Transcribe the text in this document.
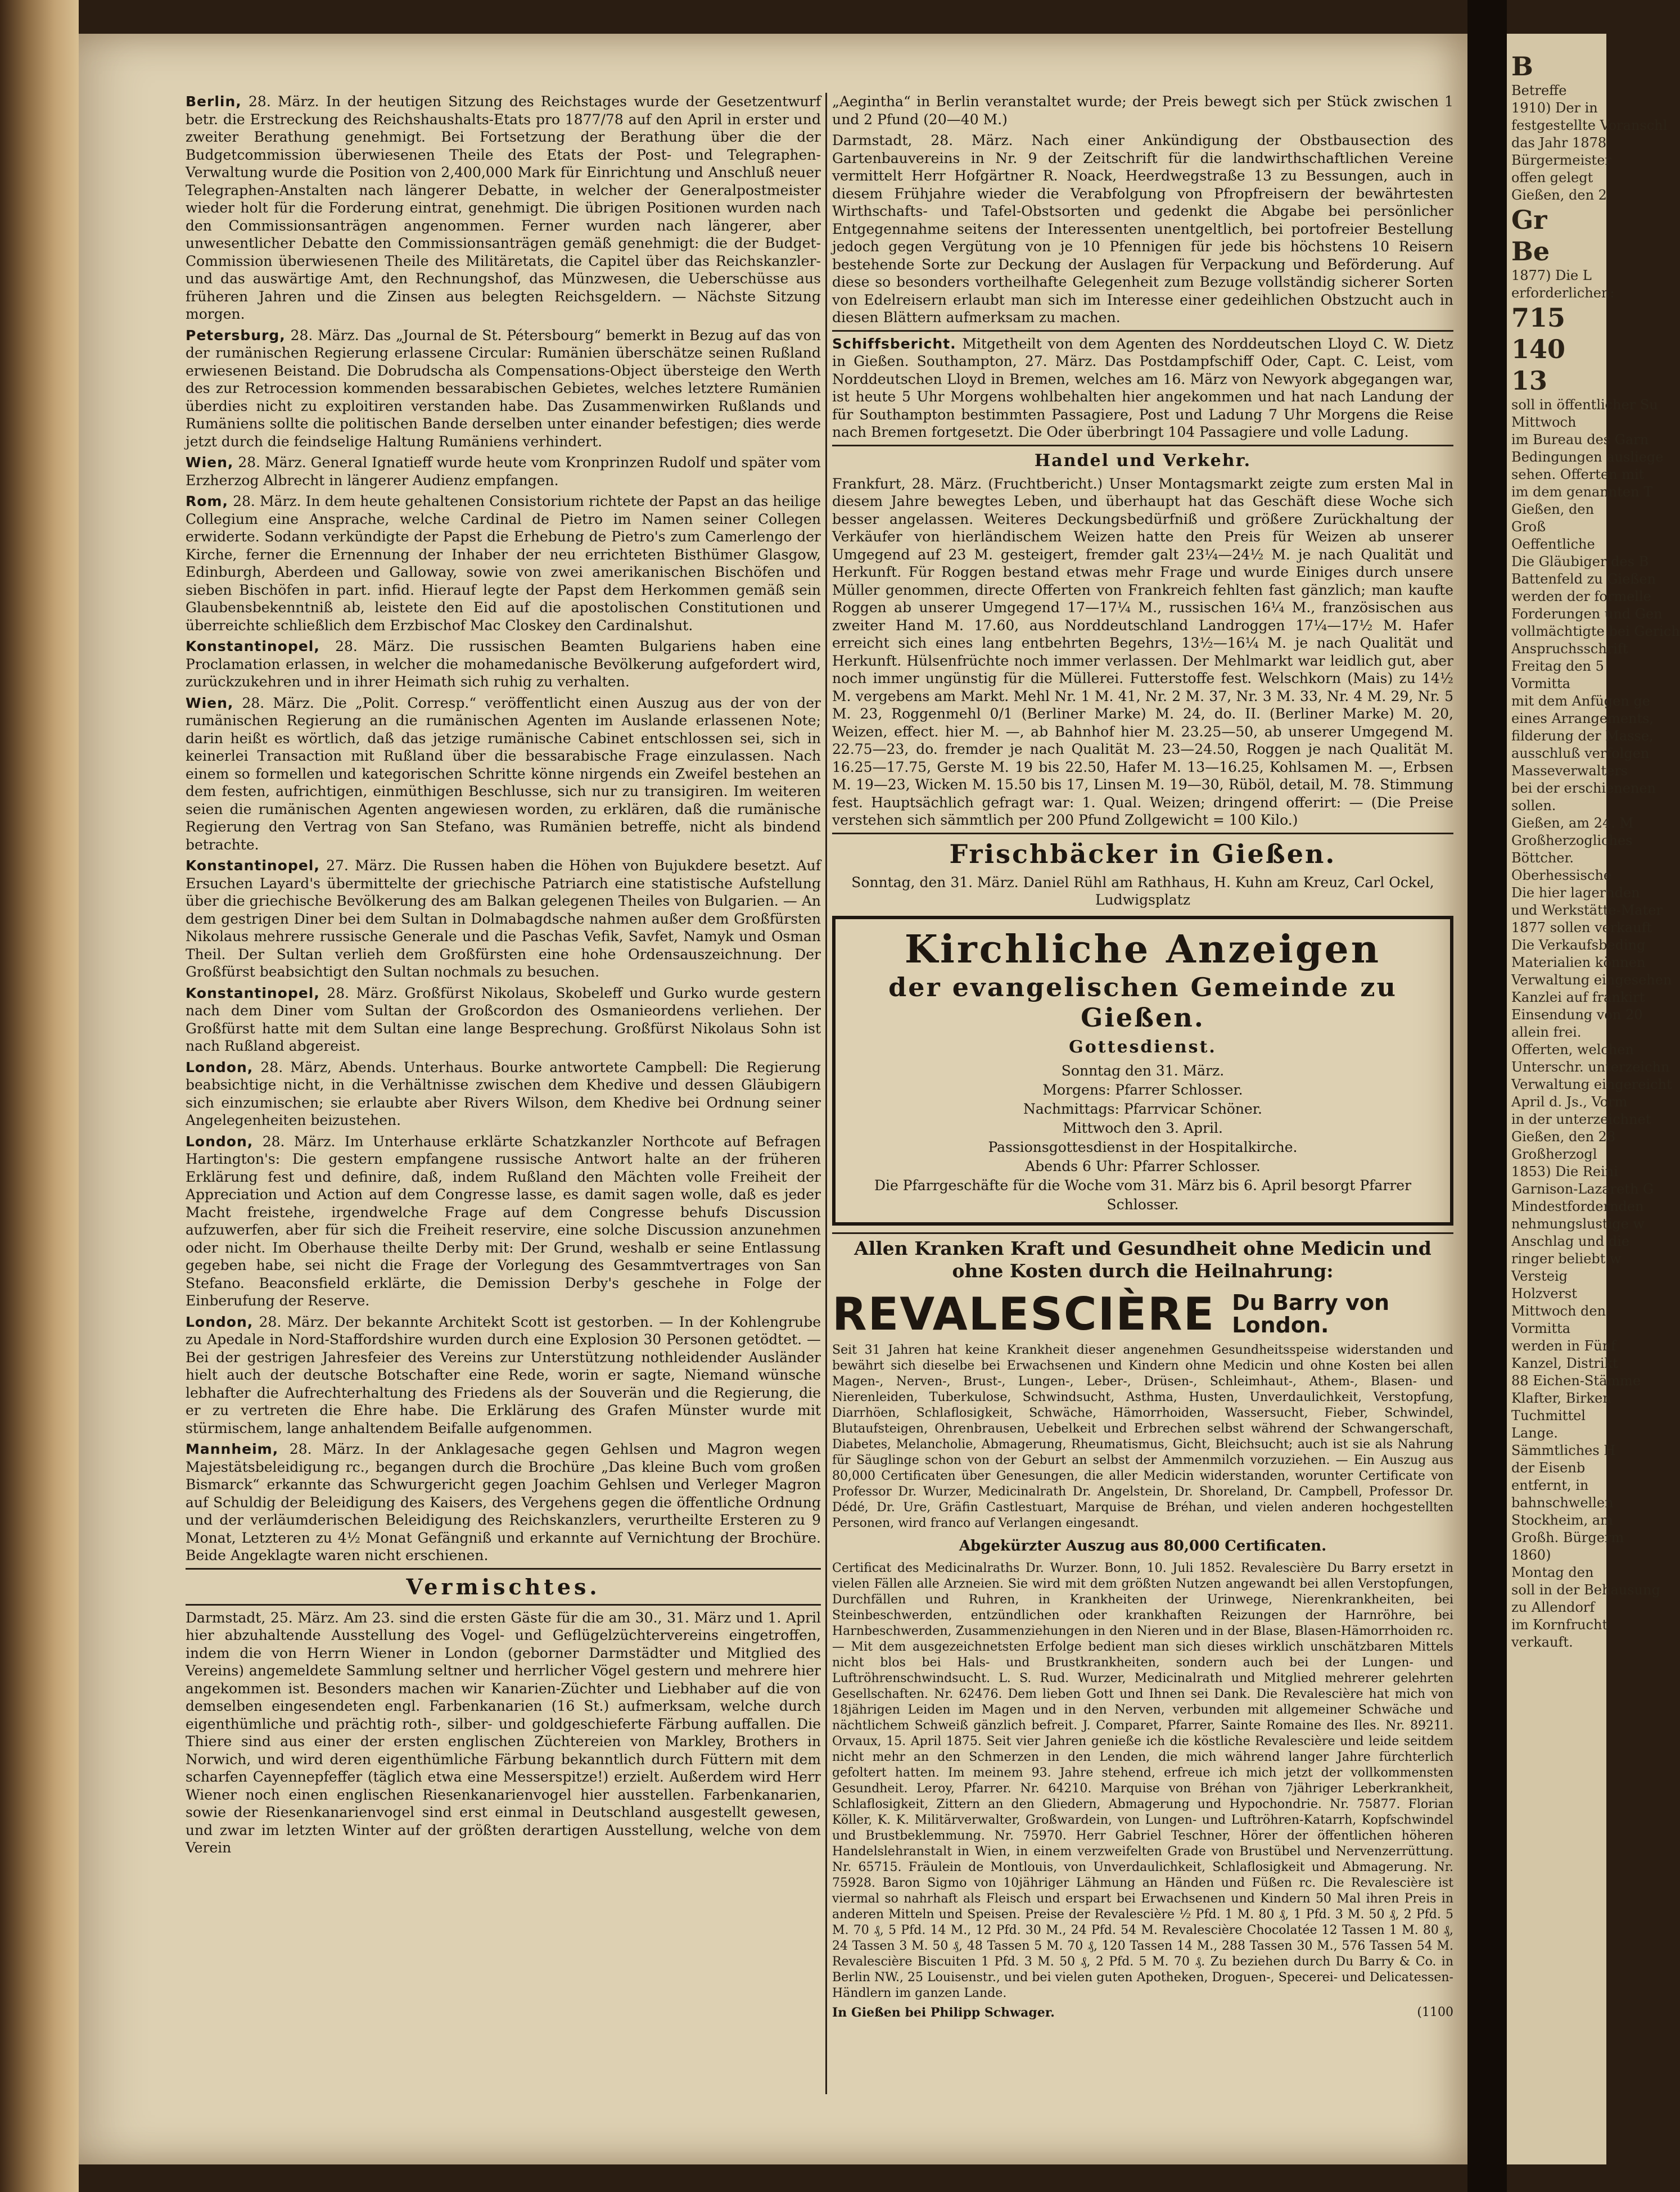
B
Betreffe
1910) Der in
festgestellte Voranschl
das Jahr 1878
Bürgermeister
offen gelegt
Gießen, den 2
Gr
Be
1877) Die L
erforderlichen:
715
140
13
soll in öffentlicher Su
Mittwoch
im Bureau des Garn
Bedingungen ausliege
sehen. Offerten mit
im dem genannten T
Gießen, den
Groß
Oeffentliche
Die Gläubiger des B
Battenfeld zu Gießen
werden der formelle
Forderungen und Gen
vollmächtigte bei Gerich
Anspruchsschrift
Freitag den 5
Vormitta
mit dem Anfügen ge
eines Arrangements,
filderung der Masse,
ausschluß verfolgen
Masseverwalters
bei der erschienenen
sollen.
Gießen, am 24. M
Großherzogliches
Böttcher.
Oberhessische
Die hier lagernden
und Werkstätte-Mater
1877 sollen verkauft
Die Verkaufsbeding
Materialien können
Verwaltung eingesehen
Kanzlei auf frankirt
Einsendung von 20
allein frei.
Offerten, welchen
Unterschr. unterzeichn
Verwaltung eingereicht
April d. Js., Vorm
in der unterzeichnet
Gießen, den 28
Großherzogl
1853) Die Reini
Garnison-Lazareth G
Mindestfordernden
nehmungslustige w
Anschlag und die
ringer beliebt w
Versteig
Holzverst
Mittwoch den
Vormitta
werden in Fünf
Kanzel, Distrikt
88 Eichen-Stämme
Klafter, Birken
Tuchmittel
Lange.
Sämmtliches H
der Eisenb
entfernt, in
bahnschwellen
Stockheim, am
Großh. Bürgerm
1860)
Montag den
soll in der Behausung
zu Allendorf
im Kornfrucht
verkauft.

Berlin, 28. März. In der heutigen Sitzung des Reichstages wurde der Gesetzentwurf betr. die Erstreckung des Reichshaushalts-Etats pro 1877/78 auf den April in erster und zweiter Berathung genehmigt. Bei Fortsetzung der Berathung über die der Budgetcommission überwiesenen Theile des Etats der Post- und Telegraphen-Verwaltung wurde die Position von 2,400,000 Mark für Einrichtung und Anschluß neuer Telegraphen-Anstalten nach längerer Debatte, in welcher der Generalpostmeister wieder holt für die Forderung eintrat, genehmigt. Die übrigen Positionen wurden nach den Commissionsanträgen angenommen. Ferner wurden nach längerer, aber unwesentlicher Debatte den Commissionsanträgen gemäß genehmigt: die der Budget-Commission überwiesenen Theile des Militäretats, die Capitel über das Reichskanzler- und das auswärtige Amt, den Rechnungshof, das Münzwesen, die Ueberschüsse aus früheren Jahren und die Zinsen aus belegten Reichsgeldern. — Nächste Sitzung morgen.

Petersburg, 28. März. Das „Journal de St. Pétersbourg“ bemerkt in Bezug auf das von der rumänischen Regierung erlassene Circular: Rumänien überschätze seinen Rußland erwiesenen Beistand. Die Dobrudscha als Compensations-Object übersteige den Werth des zur Retrocession kommenden bessarabischen Gebietes, welches letztere Rumänien überdies nicht zu exploitiren verstanden habe. Das Zusammenwirken Rußlands und Rumäniens sollte die politischen Bande derselben unter einander befestigen; dies werde jetzt durch die feindselige Haltung Rumäniens verhindert.

Wien, 28. März. General Ignatieff wurde heute vom Kronprinzen Rudolf und später vom Erzherzog Albrecht in längerer Audienz empfangen.

Rom, 28. März. In dem heute gehaltenen Consistorium richtete der Papst an das heilige Collegium eine Ansprache, welche Cardinal de Pietro im Namen seiner Collegen erwiderte. Sodann verkündigte der Papst die Erhebung de Pietro's zum Camerlengo der Kirche, ferner die Ernennung der Inhaber der neu errichteten Bisthümer Glasgow, Edinburgh, Aberdeen und Galloway, sowie von zwei amerikanischen Bischöfen und sieben Bischöfen in part. infid. Hierauf legte der Papst dem Herkommen gemäß sein Glaubensbekenntniß ab, leistete den Eid auf die apostolischen Constitutionen und überreichte schließlich dem Erzbischof Mac Closkey den Cardinalshut.

Konstantinopel, 28. März. Die russischen Beamten Bulgariens haben eine Proclamation erlassen, in welcher die mohamedanische Bevölkerung aufgefordert wird, zurückzukehren und in ihrer Heimath sich ruhig zu verhalten.

Wien, 28. März. Die „Polit. Corresp.“ veröffentlicht einen Auszug aus der von der rumänischen Regierung an die rumänischen Agenten im Auslande erlassenen Note; darin heißt es wörtlich, daß das jetzige rumänische Cabinet entschlossen sei, sich in keinerlei Transaction mit Rußland über die bessarabische Frage einzulassen. Nach einem so formellen und kategorischen Schritte könne nirgends ein Zweifel bestehen an dem festen, aufrichtigen, einmüthigen Beschlusse, sich nur zu transigiren. Im weiteren seien die rumänischen Agenten angewiesen worden, zu erklären, daß die rumänische Regierung den Vertrag von San Stefano, was Rumänien betreffe, nicht als bindend betrachte.

Konstantinopel, 27. März. Die Russen haben die Höhen von Bujukdere besetzt. Auf Ersuchen Layard's übermittelte der griechische Patriarch eine statistische Aufstellung über die griechische Bevölkerung des am Balkan gelegenen Theiles von Bulgarien. — An dem gestrigen Diner bei dem Sultan in Dolmabagdsche nahmen außer dem Großfürsten Nikolaus mehrere russische Generale und die Paschas Vefik, Savfet, Namyk und Osman Theil. Der Sultan verlieh dem Großfürsten eine hohe Ordensauszeichnung. Der Großfürst beabsichtigt den Sultan nochmals zu besuchen.

Konstantinopel, 28. März. Großfürst Nikolaus, Skobeleff und Gurko wurde gestern nach dem Diner vom Sultan der Großcordon des Osmanieordens verliehen. Der Großfürst hatte mit dem Sultan eine lange Besprechung. Großfürst Nikolaus Sohn ist nach Rußland abgereist.

London, 28. März, Abends. Unterhaus. Bourke antwortete Campbell: Die Regierung beabsichtige nicht, in die Verhältnisse zwischen dem Khedive und dessen Gläubigern sich einzumischen; sie erlaubte aber Rivers Wilson, dem Khedive bei Ordnung seiner Angelegenheiten beizustehen.

London, 28. März. Im Unterhause erklärte Schatzkanzler Northcote auf Befragen Hartington's: Die gestern empfangene russische Antwort halte an der früheren Erklärung fest und definire, daß, indem Rußland den Mächten volle Freiheit der Appreciation und Action auf dem Congresse lasse, es damit sagen wolle, daß es jeder Macht freistehe, irgendwelche Frage auf dem Congresse behufs Discussion aufzuwerfen, aber für sich die Freiheit reservire, eine solche Discussion anzunehmen oder nicht. Im Oberhause theilte Derby mit: Der Grund, weshalb er seine Entlassung gegeben habe, sei nicht die Frage der Vorlegung des Gesammtvertrages von San Stefano. Beaconsfield erklärte, die Demission Derby's geschehe in Folge der Einberufung der Reserve.

London, 28. März. Der bekannte Architekt Scott ist gestorben. — In der Kohlengrube zu Apedale in Nord-Staffordshire wurden durch eine Explosion 30 Personen getödtet. — Bei der gestrigen Jahresfeier des Vereins zur Unterstützung nothleidender Ausländer hielt auch der deutsche Botschafter eine Rede, worin er sagte, Niemand wünsche lebhafter die Aufrechterhaltung des Friedens als der Souverän und die Regierung, die er zu vertreten die Ehre habe. Die Erklärung des Grafen Münster wurde mit stürmischem, lange anhaltendem Beifalle aufgenommen.

Mannheim, 28. März. In der Anklagesache gegen Gehlsen und Magron wegen Majestätsbeleidigung rc., begangen durch die Brochüre „Das kleine Buch vom großen Bismarck“ erkannte das Schwurgericht gegen Joachim Gehlsen und Verleger Magron auf Schuldig der Beleidigung des Kaisers, des Vergehens gegen die öffentliche Ordnung und der verläumderischen Beleidigung des Reichskanzlers, verurtheilte Ersteren zu 9 Monat, Letzteren zu 4½ Monat Gefängniß und erkannte auf Vernichtung der Brochüre. Beide Angeklagte waren nicht erschienen.

Vermischtes.

Darmstadt, 25. März. Am 23. sind die ersten Gäste für die am 30., 31. März und 1. April hier abzuhaltende Ausstellung des Vogel- und Geflügelzüchtervereins eingetroffen, indem die von Herrn Wiener in London (geborner Darmstädter und Mitglied des Vereins) angemeldete Sammlung seltner und herrlicher Vögel gestern und mehrere hier angekommen ist. Besonders machen wir Kanarien-Züchter und Liebhaber auf die von demselben eingesendeten engl. Farbenkanarien (16 St.) aufmerksam, welche durch eigenthümliche und prächtig roth-, silber- und goldgeschieferte Färbung auffallen. Die Thiere sind aus einer der ersten englischen Züchtereien von Markley, Brothers in Norwich, und wird deren eigenthümliche Färbung bekanntlich durch Füttern mit dem scharfen Cayennepfeffer (täglich etwa eine Messerspitze!) erzielt. Außerdem wird Herr Wiener noch einen englischen Riesenkanarienvogel hier ausstellen. Farbenkanarien, sowie der Riesenkanarienvogel sind erst einmal in Deutschland ausgestellt gewesen, und zwar im letzten Winter auf der größten derartigen Ausstellung, welche von dem Verein

„Aegintha“ in Berlin veranstaltet wurde; der Preis bewegt sich per Stück zwischen 1 und 2 Pfund (20—40 M.)

Darmstadt, 28. März. Nach einer Ankündigung der Obstbausection des Gartenbauvereins in Nr. 9 der Zeitschrift für die landwirthschaftlichen Vereine vermittelt Herr Hofgärtner R. Noack, Heerdwegstraße 13 zu Bessungen, auch in diesem Frühjahre wieder die Verabfolgung von Pfropfreisern der bewährtesten Wirthschafts- und Tafel-Obstsorten und gedenkt die Abgabe bei persönlicher Entgegennahme seitens der Interessenten unentgeltlich, bei portofreier Bestellung jedoch gegen Vergütung von je 10 Pfennigen für jede bis höchstens 10 Reisern bestehende Sorte zur Deckung der Auslagen für Verpackung und Beförderung. Auf diese so besonders vortheilhafte Gelegenheit zum Bezuge vollständig sicherer Sorten von Edelreisern erlaubt man sich im Interesse einer gedeihlichen Obstzucht auch in diesen Blättern aufmerksam zu machen.

Schiffsbericht. Mitgetheilt von dem Agenten des Norddeutschen Lloyd C. W. Dietz in Gießen. Southampton, 27. März. Das Postdampfschiff Oder, Capt. C. Leist, vom Norddeutschen Lloyd in Bremen, welches am 16. März von Newyork abgegangen war, ist heute 5 Uhr Morgens wohlbehalten hier angekommen und hat nach Landung der für Southampton bestimmten Passagiere, Post und Ladung 7 Uhr Morgens die Reise nach Bremen fortgesetzt. Die Oder überbringt 104 Passagiere und volle Ladung.

Handel und Verkehr.

Frankfurt, 28. März. (Fruchtbericht.) Unser Montagsmarkt zeigte zum ersten Mal in diesem Jahre bewegtes Leben, und überhaupt hat das Geschäft diese Woche sich besser angelassen. Weiteres Deckungsbedürfniß und größere Zurückhaltung der Verkäufer von hierländischem Weizen hatte den Preis für Weizen ab unserer Umgegend auf 23 M. gesteigert, fremder galt 23¼—24½ M. je nach Qualität und Herkunft. Für Roggen bestand etwas mehr Frage und wurde Einiges durch unsere Müller genommen, directe Offerten von Frankreich fehlten fast gänzlich; man kaufte Roggen ab unserer Umgegend 17—17¼ M., russischen 16¼ M., französischen aus zweiter Hand M. 17.60, aus Norddeutschland Landroggen 17¼—17½ M. Hafer erreicht sich eines lang entbehrten Begehrs, 13½—16¼ M. je nach Qualität und Herkunft. Hülsenfrüchte noch immer verlassen. Der Mehlmarkt war leidlich gut, aber noch immer ungünstig für die Müllerei. Futterstoffe fest. Welschkorn (Mais) zu 14½ M. vergebens am Markt. Mehl Nr. 1 M. 41, Nr. 2 M. 37, Nr. 3 M. 33, Nr. 4 M. 29, Nr. 5 M. 23, Roggenmehl 0/1 (Berliner Marke) M. 24, do. II. (Berliner Marke) M. 20, Weizen, effect. hier M. —, ab Bahnhof hier M. 23.25—50, ab unserer Umgegend M. 22.75—23, do. fremder je nach Qualität M. 23—24.50, Roggen je nach Qualität M. 16.25—17.75, Gerste M. 19 bis 22.50, Hafer M. 13—16.25, Kohlsamen M. —, Erbsen M. 19—23, Wicken M. 15.50 bis 17, Linsen M. 19—30, Rüböl, detail, M. 78. Stimmung fest. Hauptsächlich gefragt war: 1. Qual. Weizen; dringend offerirt: — (Die Preise verstehen sich sämmtlich per 200 Pfund Zollgewicht = 100 Kilo.)

Frischbäcker in Gießen.

Sonntag, den 31. März. Daniel Rühl am Rathhaus, H. Kuhn am Kreuz, Carl Ockel, Ludwigsplatz

Kirchliche Anzeigen
der evangelischen Gemeinde zu Gießen.
Gottesdienst.
Sonntag den 31. März.
Morgens: Pfarrer Schlosser.
Nachmittags: Pfarrvicar Schöner.
Mittwoch den 3. April.
Passionsgottesdienst in der Hospitalkirche.
Abends 6 Uhr: Pfarrer Schlosser.
Die Pfarrgeschäfte für die Woche vom 31. März bis 6. April besorgt Pfarrer Schlosser.
Allen Kranken Kraft und Gesundheit ohne Medicin und ohne Kosten durch die Heilnahrung:
REVALESCIÈRE Du Barry von London.

Seit 31 Jahren hat keine Krankheit dieser angenehmen Gesundheitsspeise widerstanden und bewährt sich dieselbe bei Erwachsenen und Kindern ohne Medicin und ohne Kosten bei allen Magen-, Nerven-, Brust-, Lungen-, Leber-, Drüsen-, Schleimhaut-, Athem-, Blasen- und Nierenleiden, Tuberkulose, Schwindsucht, Asthma, Husten, Unverdaulichkeit, Verstopfung, Diarrhöen, Schlaflosigkeit, Schwäche, Hämorrhoiden, Wassersucht, Fieber, Schwindel, Blutaufsteigen, Ohrenbrausen, Uebelkeit und Erbrechen selbst während der Schwangerschaft, Diabetes, Melancholie, Abmagerung, Rheumatismus, Gicht, Bleichsucht; auch ist sie als Nahrung für Säuglinge schon von der Geburt an selbst der Ammenmilch vorzuziehen. — Ein Auszug aus 80,000 Certificaten über Genesungen, die aller Medicin widerstanden, worunter Certificate von Professor Dr. Wurzer, Medicinalrath Dr. Angelstein, Dr. Shoreland, Dr. Campbell, Professor Dr. Dédé, Dr. Ure, Gräfin Castlestuart, Marquise de Bréhan, und vielen anderen hochgestellten Personen, wird franco auf Verlangen eingesandt.

Abgekürzter Auszug aus 80,000 Certificaten.

Certificat des Medicinalraths Dr. Wurzer. Bonn, 10. Juli 1852. Revalescière Du Barry ersetzt in vielen Fällen alle Arzneien. Sie wird mit dem größten Nutzen angewandt bei allen Verstopfungen, Durchfällen und Ruhren, in Krankheiten der Urinwege, Nierenkrankheiten, bei Steinbeschwerden, entzündlichen oder krankhaften Reizungen der Harnröhre, bei Harnbeschwerden, Zusammenziehungen in den Nieren und in der Blase, Blasen-Hämorrhoiden rc. — Mit dem ausgezeichnetsten Erfolge bedient man sich dieses wirklich unschätzbaren Mittels nicht blos bei Hals- und Brustkrankheiten, sondern auch bei der Lungen- und Luftröhrenschwindsucht. L. S. Rud. Wurzer, Medicinalrath und Mitglied mehrerer gelehrten Gesellschaften. Nr. 62476. Dem lieben Gott und Ihnen sei Dank. Die Revalescière hat mich von 18jährigen Leiden im Magen und in den Nerven, verbunden mit allgemeiner Schwäche und nächtlichem Schweiß gänzlich befreit. J. Comparet, Pfarrer, Sainte Romaine des Iles. Nr. 89211. Orvaux, 15. April 1875. Seit vier Jahren genieße ich die köstliche Revalescière und leide seitdem nicht mehr an den Schmerzen in den Lenden, die mich während langer Jahre fürchterlich gefoltert hatten. Im meinem 93. Jahre stehend, erfreue ich mich jetzt der vollkommensten Gesundheit. Leroy, Pfarrer. Nr. 64210. Marquise von Bréhan von 7jähriger Leberkrankheit, Schlaflosigkeit, Zittern an den Gliedern, Abmagerung und Hypochondrie. Nr. 75877. Florian Köller, K. K. Militärverwalter, Großwardein, von Lungen- und Luftröhren-Katarrh, Kopfschwindel und Brustbeklemmung. Nr. 75970. Herr Gabriel Teschner, Hörer der öffentlichen höheren Handelslehranstalt in Wien, in einem verzweifelten Grade von Brustübel und Nervenzerrüttung. Nr. 65715. Fräulein de Montlouis, von Unverdaulichkeit, Schlaflosigkeit und Abmagerung. Nr. 75928. Baron Sigmo von 10jähriger Lähmung an Händen und Füßen rc. Die Revalescière ist viermal so nahrhaft als Fleisch und erspart bei Erwachsenen und Kindern 50 Mal ihren Preis in anderen Mitteln und Speisen. Preise der Revalescière ½ Pfd. 1 M. 80 ₰, 1 Pfd. 3 M. 50 ₰, 2 Pfd. 5 M. 70 ₰, 5 Pfd. 14 M., 12 Pfd. 30 M., 24 Pfd. 54 M. Revalescière Chocolatée 12 Tassen 1 M. 80 ₰, 24 Tassen 3 M. 50 ₰, 48 Tassen 5 M. 70 ₰, 120 Tassen 14 M., 288 Tassen 30 M., 576 Tassen 54 M. Revalescière Biscuiten 1 Pfd. 3 M. 50 ₰, 2 Pfd. 5 M. 70 ₰. Zu beziehen durch Du Barry & Co. in Berlin NW., 25 Louisenstr., und bei vielen guten Apotheken, Droguen-, Specerei- und Delicatessen-Händlern im ganzen Lande.

In Gießen bei Philipp Schwager.	(1100
